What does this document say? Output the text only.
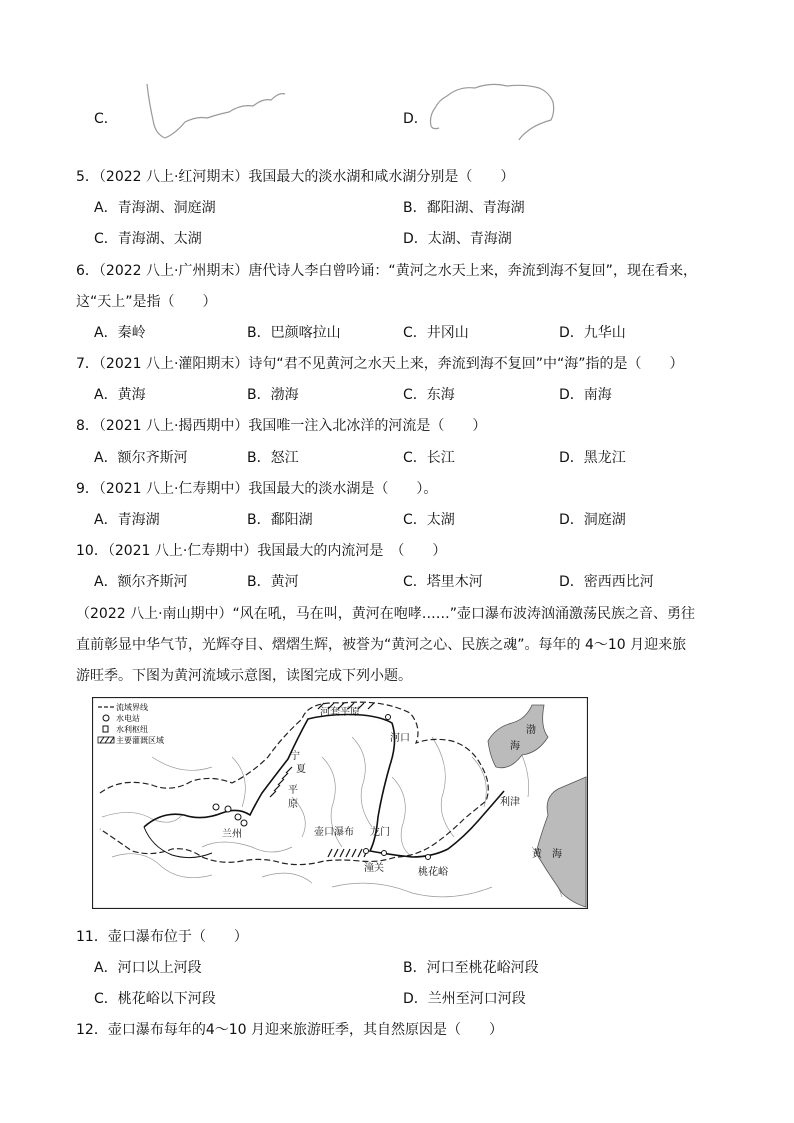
C．	D．
5．（2022 八上·红河期末）我国最大的淡水湖和咸水湖分别是（　　）
A．青海湖、洞庭湖	B．鄱阳湖、青海湖
C．青海湖、太湖	D．太湖、青海湖
6．（2022 八上·广州期末）唐代诗人李白曾吟诵：“黄河之水天上来，奔流到海不复回”，现在看来，
这“天上”是指（　　）
A．秦岭	B．巴颜喀拉山	C．井冈山	D．九华山
7．（2021 八上·灌阳期末）诗句“君不见黄河之水天上来，奔流到海不复回”中“海”指的是（　　）
A．黄海	B．渤海	C．东海	D．南海
8．（2021 八上·揭西期中）我国唯一注入北冰洋的河流是（　　）
A．额尔齐斯河	B．怒江	C．长江	D．黑龙江
9．（2021 八上·仁寿期中）我国最大的淡水湖是（　　）。
A．青海湖	B．鄱阳湖	C．太湖	D．洞庭湖
10．（2021 八上·仁寿期中）我国最大的内流河是　（　　）
A．额尔齐斯河	B．黄河	C．塔里木河	D．密西西比河
（2022 八上·南山期中）“风在吼，马在叫，黄河在咆哮……”壶口瀑布波涛汹涌激荡民族之音、勇往
直前彰显中华气节，光辉夺目、熠熠生辉，被誉为“黄河之心、民族之魂”。每年的 4～10 月迎来旅
游旺季。下图为黄河流域示意图，读图完成下列小题。
流域界线
水电站
水利枢纽
主要灌溉区域
河套平原
宁
夏
平
原
河口
兰州	壶口瀑布 龙门
潼关	桃花峪
利津
渤
海
黄　海
11．壶口瀑布位于（　　）
A．河口以上河段	B．河口至桃花峪河段
C．桃花峪以下河段	D．兰州至河口河段
12．壶口瀑布每年的4～10 月迎来旅游旺季，其自然原因是（　　）
